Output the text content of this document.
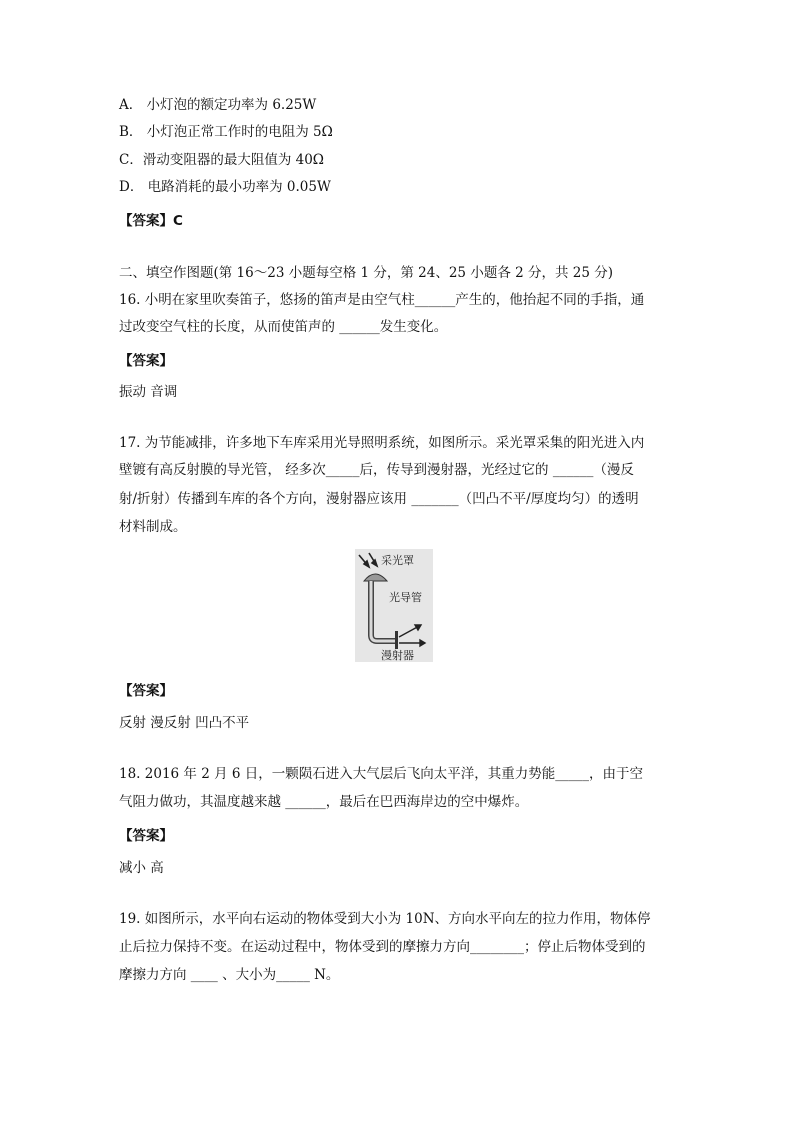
A． 小灯泡的额定功率为 6.25W
B． 小灯泡正常工作时的电阻为 5Ω
C．滑动变阻器的最大阻值为 40Ω
D． 电路消耗的最小功率为 0.05W
【答案】C
二、填空作图题(第 16～23 小题每空格 1 分，第 24、25 小题各 2 分，共 25 分)
16. 小明在家里吹奏笛子，悠扬的笛声是由空气柱______产生的，他抬起不同的手指，通
过改变空气柱的长度，从而使笛声的 ______发生变化。
【答案】
振动 音调
17. 为节能减排，许多地下车库采用光导照明系统，如图所示。采光罩采集的阳光进入内
壁镀有高反射膜的导光管， 经多次_____后，传导到漫射器，光经过它的 ______（漫反
射/折射）传播到车库的各个方向，漫射器应该用 _______（凹凸不平/厚度均匀）的透明
材料制成。
采光罩
光导管
漫射器
【答案】
反射 漫反射 凹凸不平
18. 2016 年 2 月 6 日，一颗陨石进入大气层后飞向太平洋，其重力势能_____，由于空
气阻力做功，其温度越来越 ______，最后在巴西海岸边的空中爆炸。
【答案】
减小 高
19. 如图所示，水平向右运动的物体受到大小为 10N、方向水平向左的拉力作用，物体停
止后拉力保持不变。在运动过程中，物体受到的摩擦力方向________；停止后物体受到的
摩擦力方向 ____ 、大小为_____ N。
